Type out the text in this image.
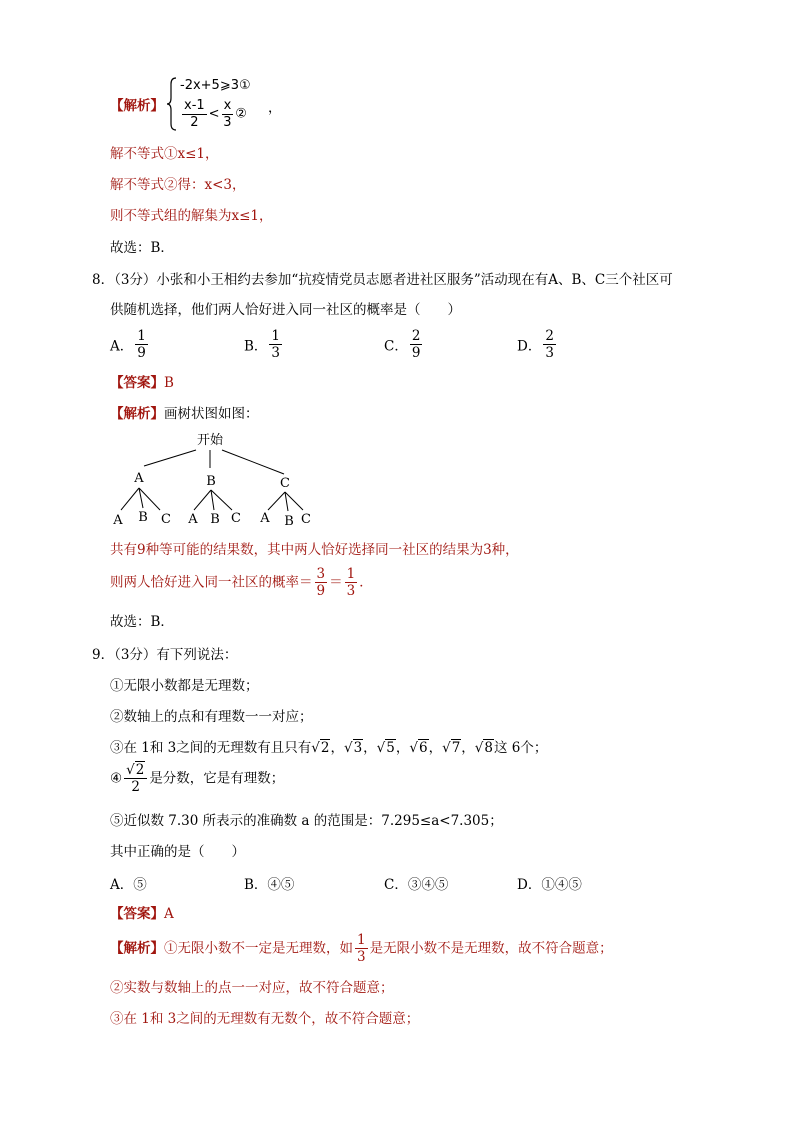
【解析】
-2x+5⩾3①
$\frac{x-1}{2} < \frac{x}{3}$ ② ，
解不等式①x≤1，
解不等式②得：x<3，
则不等式组的解集为x≤1，
故选：B．
8．（3分）小张和小王相约去参加“抗疫情党员志愿者进社区服务”活动现在有A、B、C三个社区可
供随机选择，他们两人恰好进入同一社区的概率是（　　）
A． $\frac{1}{9}$	B． $\frac{1}{3}$	C． $\frac{2}{9}$	D． $\frac{2}{3}$
【答案】B
【解析】画树状图如图：
开始
A	B	C
A B C A B C A B C
共有9种等可能的结果数，其中两人恰好选择同一社区的结果为3种，
则两人恰好进入同一社区的概率＝ $\frac{3}{9} = \frac{1}{3}$ ．
故选：B．
9．（3分）有下列说法：
①无限小数都是无理数；
②数轴上的点和有理数一一对应；
③在 1和 3之间的无理数有且只有√2，√3，√5，√6，√7，√8这 6个；
④ $\frac{√2}{2}$ 是分数，它是有理数；
⑤近似数 7.30 所表示的准确数 a 的范围是：7.295≤a<7.305；
其中正确的是（　　）
A．⑤	B．④⑤	C．③④⑤	D．①④⑤
【答案】A
【解析】①无限小数不一定是无理数，如 $\frac{1}{3}$ 是无限小数不是无理数，故不符合题意；
②实数与数轴上的点一一对应，故不符合题意；
③在 1和 3之间的无理数有无数个，故不符合题意；
